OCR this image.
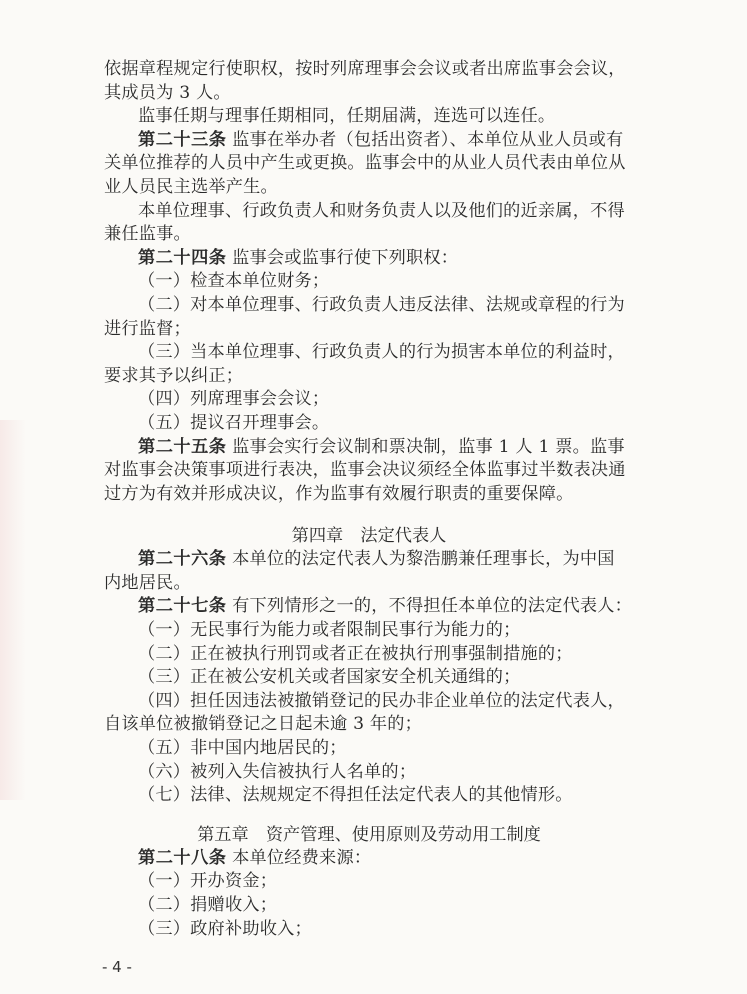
依据章程规定行使职权，按时列席理事会会议或者出席监事会会议，
其成员为 3 人。
监事任期与理事任期相同，任期届满，连选可以连任。
第二十三条 监事在举办者（包括出资者）、本单位从业人员或有
关单位推荐的人员中产生或更换。监事会中的从业人员代表由单位从
业人员民主选举产生。
本单位理事、行政负责人和财务负责人以及他们的近亲属，不得
兼任监事。
第二十四条 监事会或监事行使下列职权：
（一）检查本单位财务；
（二）对本单位理事、行政负责人违反法律、法规或章程的行为
进行监督；
（三）当本单位理事、行政负责人的行为损害本单位的利益时，
要求其予以纠正；
（四）列席理事会会议；
（五）提议召开理事会。
第二十五条 监事会实行会议制和票决制，监事 1 人 1 票。监事
对监事会决策事项进行表决，监事会决议须经全体监事过半数表决通
过方为有效并形成决议，作为监事有效履行职责的重要保障。
第四章　法定代表人
第二十六条 本单位的法定代表人为黎浩鹏兼任理事长，为中国
内地居民。
第二十七条 有下列情形之一的，不得担任本单位的法定代表人：
（一）无民事行为能力或者限制民事行为能力的；
（二）正在被执行刑罚或者正在被执行刑事强制措施的；
（三）正在被公安机关或者国家安全机关通缉的；
（四）担任因违法被撤销登记的民办非企业单位的法定代表人，
自该单位被撤销登记之日起未逾 3 年的；
（五）非中国内地居民的；
（六）被列入失信被执行人名单的；
（七）法律、法规规定不得担任法定代表人的其他情形。
第五章　资产管理、使用原则及劳动用工制度
第二十八条 本单位经费来源：
（一）开办资金；
（二）捐赠收入；
（三）政府补助收入；
- 4 -
